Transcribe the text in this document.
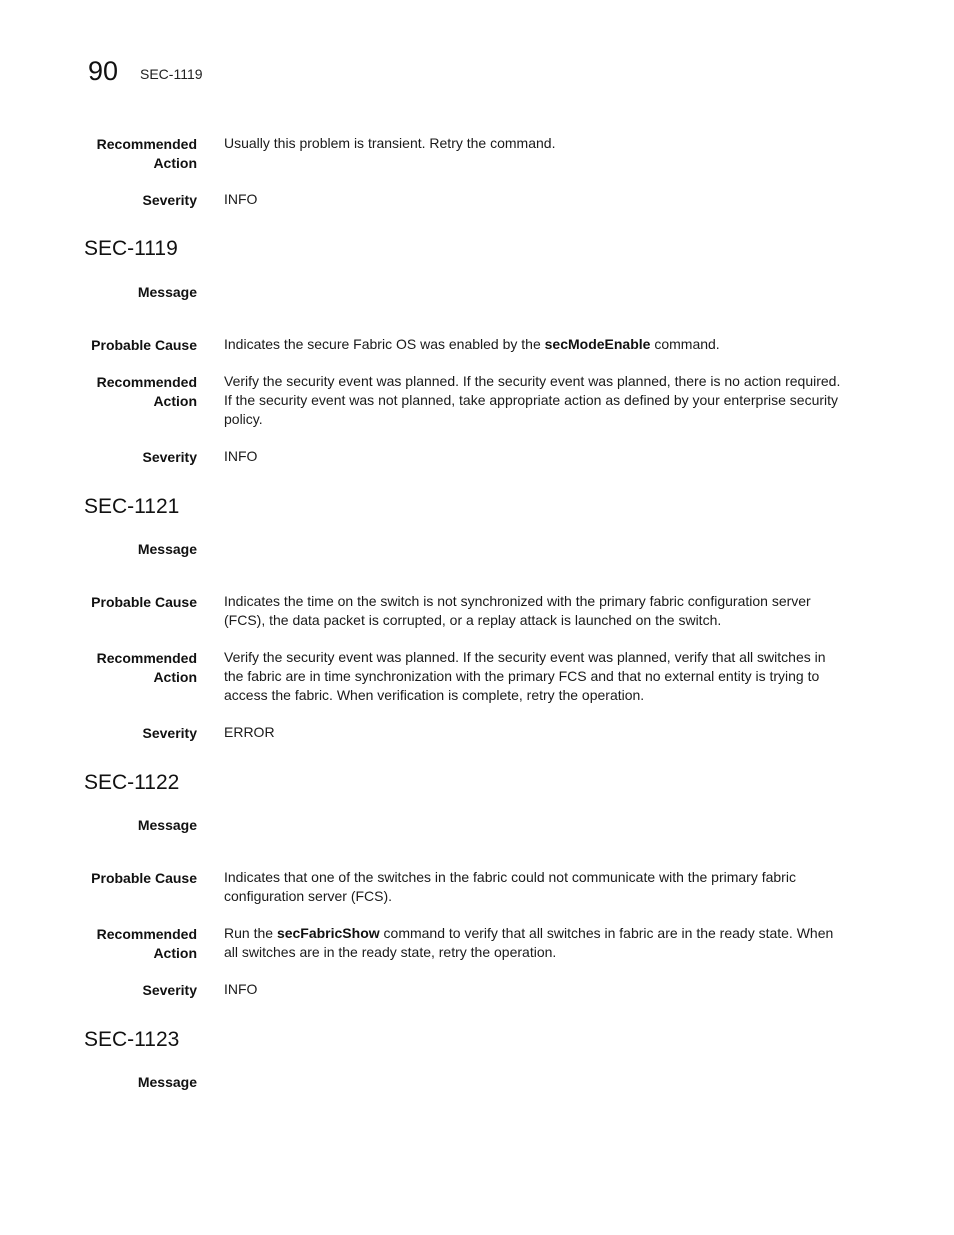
90 SEC-1119
Recommended
Action
Usually this problem is transient. Retry the command.
Severity INFO
SEC-1119
Message
Probable Cause Indicates the secure Fabric OS was enabled by the secModeEnable command.
Recommended
Action
Verify the security event was planned. If the security event was planned, there is no action required.
If the security event was not planned, take appropriate action as defined by your enterprise security
policy.
Severity INFO
SEC-1121
Message
Probable Cause Indicates the time on the switch is not synchronized with the primary fabric configuration server
(FCS), the data packet is corrupted, or a replay attack is launched on the switch.
Recommended
Action
Verify the security event was planned. If the security event was planned, verify that all switches in
the fabric are in time synchronization with the primary FCS and that no external entity is trying to
access the fabric. When verification is complete, retry the operation.
Severity ERROR
SEC-1122
Message
Probable Cause Indicates that one of the switches in the fabric could not communicate with the primary fabric
configuration server (FCS).
Recommended
Action
Run the secFabricShow command to verify that all switches in fabric are in the ready state. When
all switches are in the ready state, retry the operation.
Severity INFO
SEC-1123
Message
